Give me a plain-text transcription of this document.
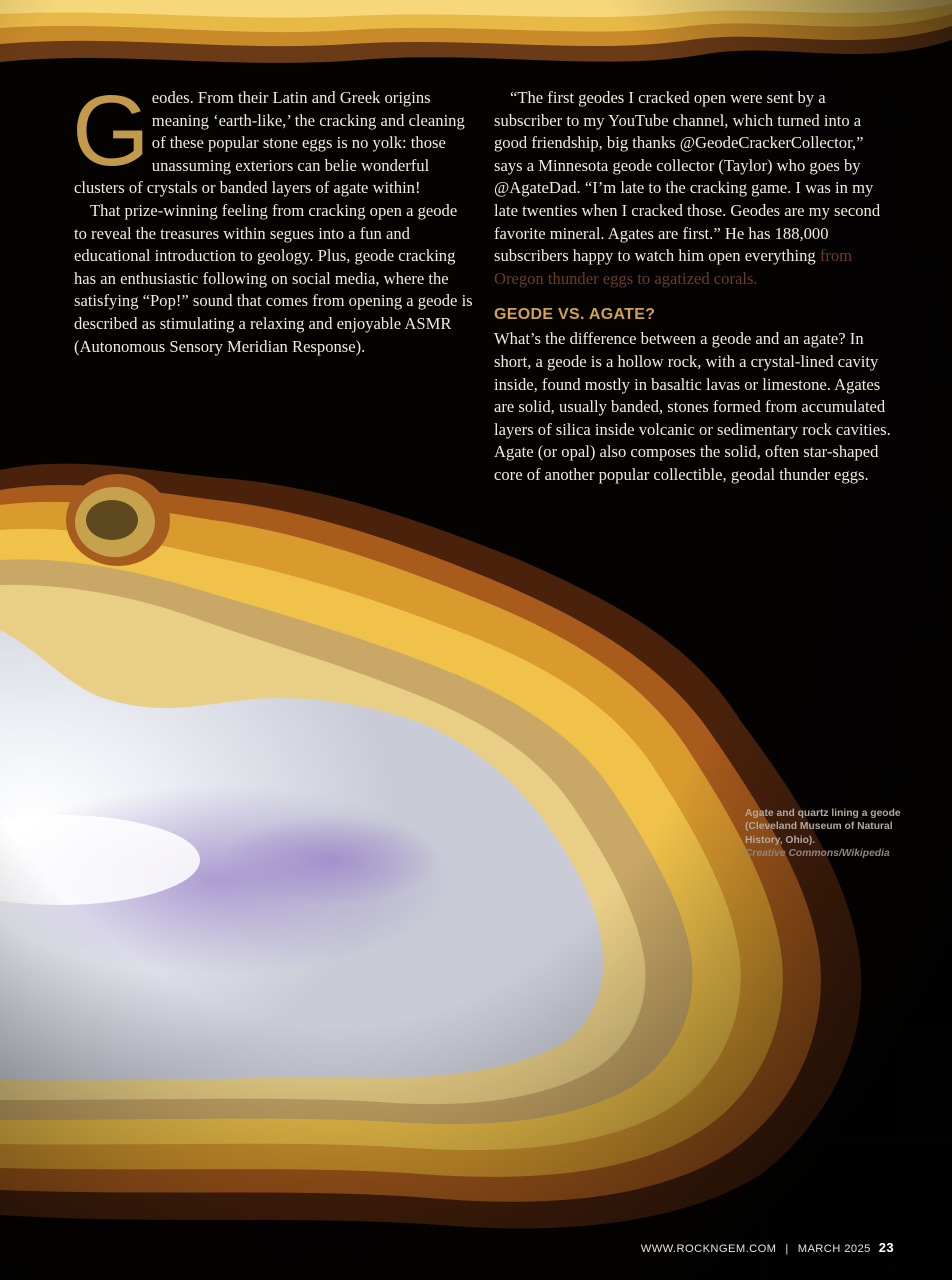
Geodes. From their Latin and Greek origins meaning ‘earth-like,’ the cracking and cleaning of these popular stone eggs is no yolk: those unassuming exteriors can belie wonderful clusters of crystals or banded layers of agate within!

That prize-winning feeling from cracking open a geode to reveal the treasures within segues into a fun and educational introduction to geology. Plus, geode cracking has an enthusiastic following on social media, where the satisfying “Pop!” sound that comes from opening a geode is described as stimulating a relaxing and enjoyable ASMR (Autonomous Sensory Meridian Response).

“The first geodes I cracked open were sent by a subscriber to my YouTube channel, which turned into a good friendship, big thanks @GeodeCrackerCollector,” says a Minnesota geode collector (Taylor) who goes by @AgateDad. “I’m late to the cracking game. I was in my late twenties when I cracked those. Geodes are my second favorite mineral. Agates are first.” He has 188,000 subscribers happy to watch him open everything from Oregon thunder eggs to agatized corals.

GEODE VS. AGATE?

What’s the difference between a geode and an agate? In short, a geode is a hollow rock, with a crystal-lined cavity inside, found mostly in basaltic lavas or limestone. Agates are solid, usually banded, stones formed from accumulated layers of silica inside volcanic or sedimentary rock cavities. Agate (or opal) also composes the solid, often star-shaped core of another popular collectible, geodal thunder eggs.

Agate and quartz lining a geode (Cleveland Museum of Natural History, Ohio).
Creative Commons/Wikipedia
WWW.ROCKNGEM.COM | MARCH 2025 23
